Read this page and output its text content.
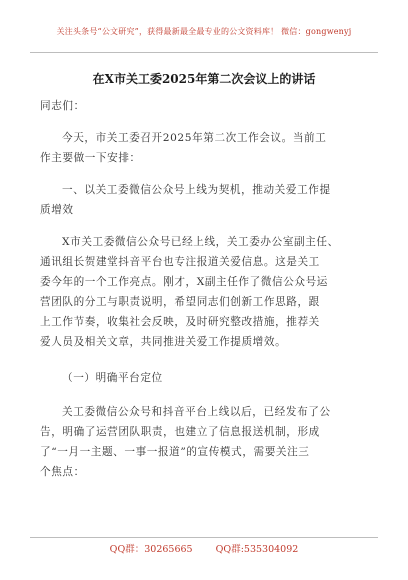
关注头条号“公文研究”，获得最新最全最专业的公文资料库！ 微信：gongwenyj
在X市关工委2025年第二次会议上的讲话
同志们：
今天，市关工委召开2025年第二次工作会议。当前工
作主要做一下安排：
一、以关工委微信公众号上线为契机，推动关爱工作提
质增效
X市关工委微信公众号已经上线，关工委办公室副主任、
通讯组长贺建堂抖音平台也专注报道关爱信息。这是关工
委今年的一个工作亮点。刚才，X副主任作了微信公众号运
营团队的分工与职责说明，希望同志们创新工作思路，跟
上工作节奏，收集社会反映，及时研究整改措施，推荐关
爱人员及相关文章，共同推进关爱工作提质增效。
（一）明确平台定位
关工委微信公众号和抖音平台上线以后，已经发布了公
告，明确了运营团队职责，也建立了信息报送机制，形成
了“一月一主题、一事一报道”的宣传模式，需要关注三
个焦点：
QQ群：30265665 QQ群:535304092
